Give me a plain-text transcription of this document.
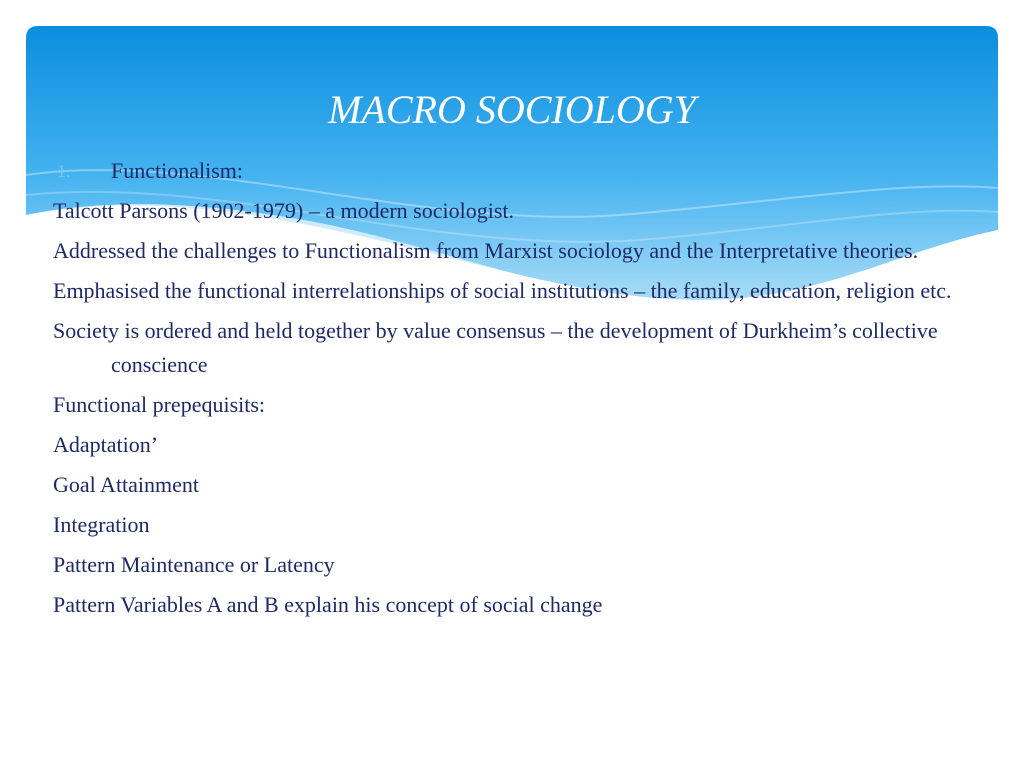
MACRO SOCIOLOGY
1. Functionalism:
Talcott Parsons (1902-1979) – a modern sociologist.
Addressed the challenges to Functionalism from Marxist sociology and the Interpretative theories.
Emphasised the functional interrelationships of social institutions – the family, education, religion etc.
Society is ordered and held together by value consensus – the development of Durkheim’s collective conscience
Functional prepequisits:
Adaptation’
Goal Attainment
Integration
Pattern Maintenance or Latency
Pattern Variables A and B explain his concept of social change
